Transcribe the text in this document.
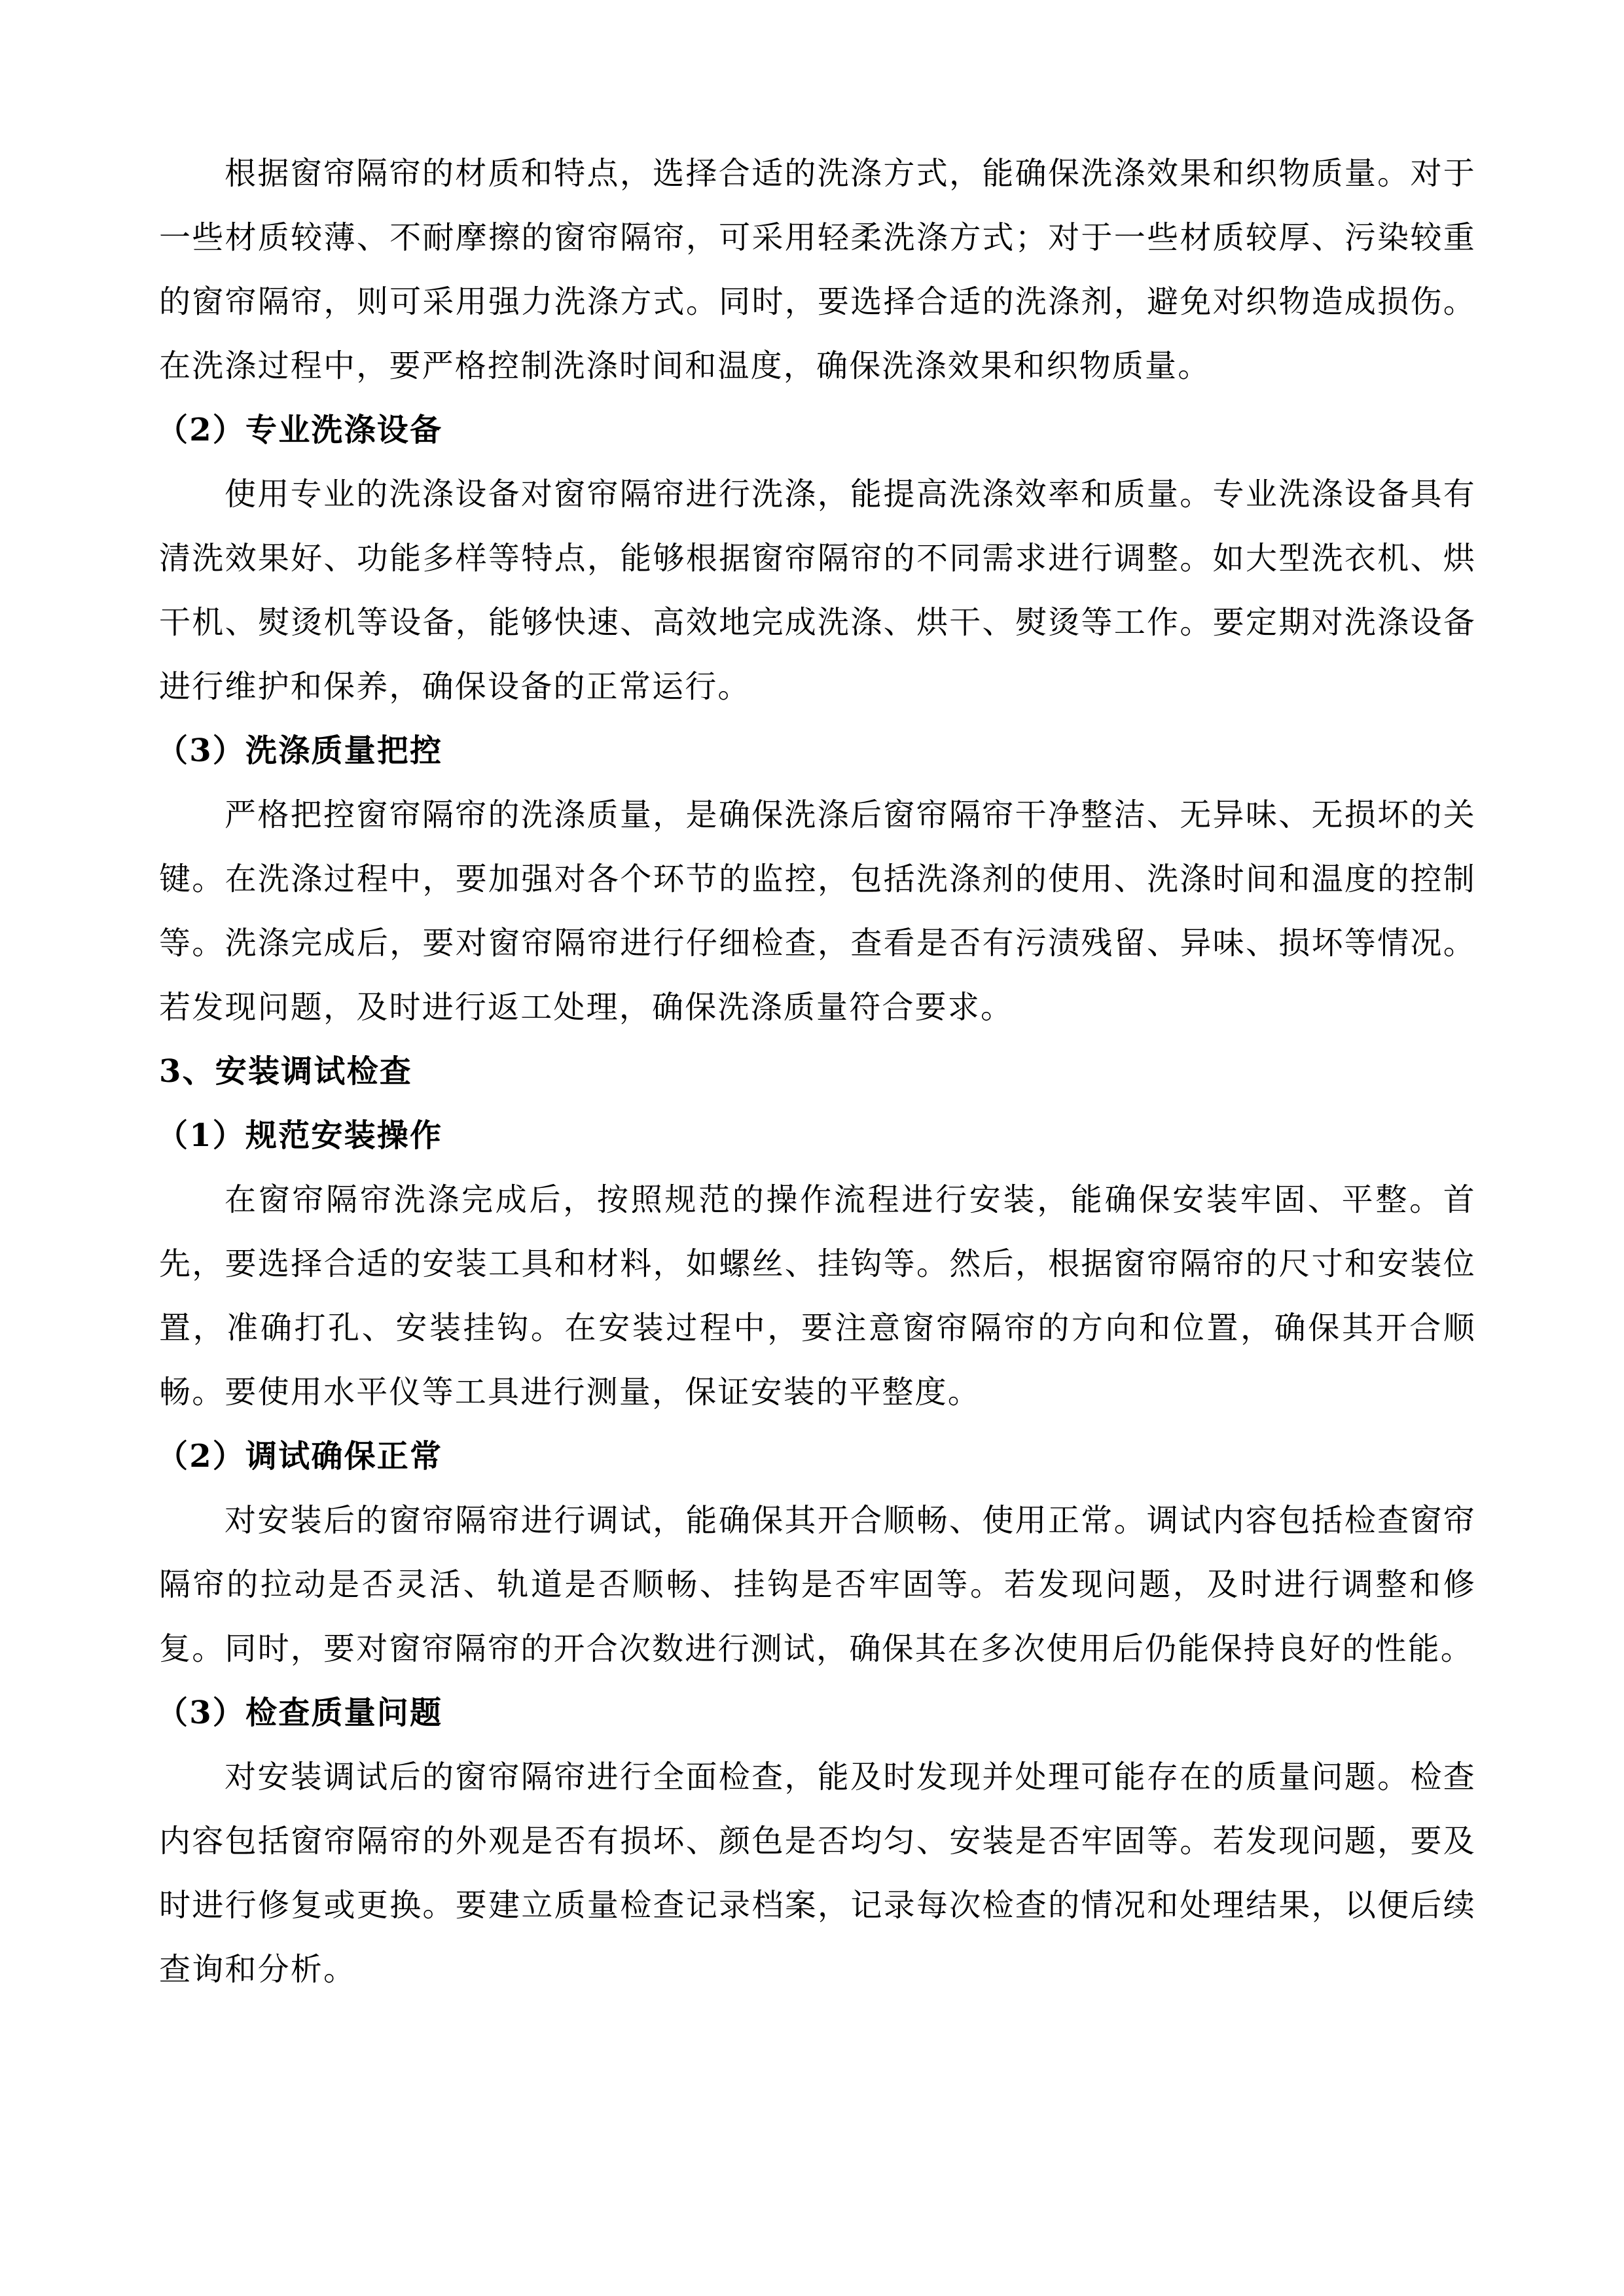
根据窗帘隔帘的材质和特点，选择合适的洗涤方式，能确保洗涤效果和织物质量。对于一些材质较薄、不耐摩擦的窗帘隔帘，可采用轻柔洗涤方式；对于一些材质较厚、污染较重的窗帘隔帘，则可采用强力洗涤方式。同时，要选择合适的洗涤剂，避免对织物造成损伤。在洗涤过程中，要严格控制洗涤时间和温度，确保洗涤效果和织物质量。

（2）专业洗涤设备

使用专业的洗涤设备对窗帘隔帘进行洗涤，能提高洗涤效率和质量。专业洗涤设备具有清洗效果好、功能多样等特点，能够根据窗帘隔帘的不同需求进行调整。如大型洗衣机、烘干机、熨烫机等设备，能够快速、高效地完成洗涤、烘干、熨烫等工作。要定期对洗涤设备进行维护和保养，确保设备的正常运行。

（3）洗涤质量把控

严格把控窗帘隔帘的洗涤质量，是确保洗涤后窗帘隔帘干净整洁、无异味、无损坏的关键。在洗涤过程中，要加强对各个环节的监控，包括洗涤剂的使用、洗涤时间和温度的控制等。洗涤完成后，要对窗帘隔帘进行仔细检查，查看是否有污渍残留、异味、损坏等情况。若发现问题，及时进行返工处理，确保洗涤质量符合要求。

3、安装调试检查

（1）规范安装操作

在窗帘隔帘洗涤完成后，按照规范的操作流程进行安装，能确保安装牢固、平整。首先，要选择合适的安装工具和材料，如螺丝、挂钩等。然后，根据窗帘隔帘的尺寸和安装位置，准确打孔、安装挂钩。在安装过程中，要注意窗帘隔帘的方向和位置，确保其开合顺畅。要使用水平仪等工具进行测量，保证安装的平整度。

（2）调试确保正常

对安装后的窗帘隔帘进行调试，能确保其开合顺畅、使用正常。调试内容包括检查窗帘隔帘的拉动是否灵活、轨道是否顺畅、挂钩是否牢固等。若发现问题，及时进行调整和修复。同时，要对窗帘隔帘的开合次数进行测试，确保其在多次使用后仍能保持良好的性能。

（3）检查质量问题

对安装调试后的窗帘隔帘进行全面检查，能及时发现并处理可能存在的质量问题。检查内容包括窗帘隔帘的外观是否有损坏、颜色是否均匀、安装是否牢固等。若发现问题，要及时进行修复或更换。要建立质量检查记录档案，记录每次检查的情况和处理结果，以便后续查询和分析。
